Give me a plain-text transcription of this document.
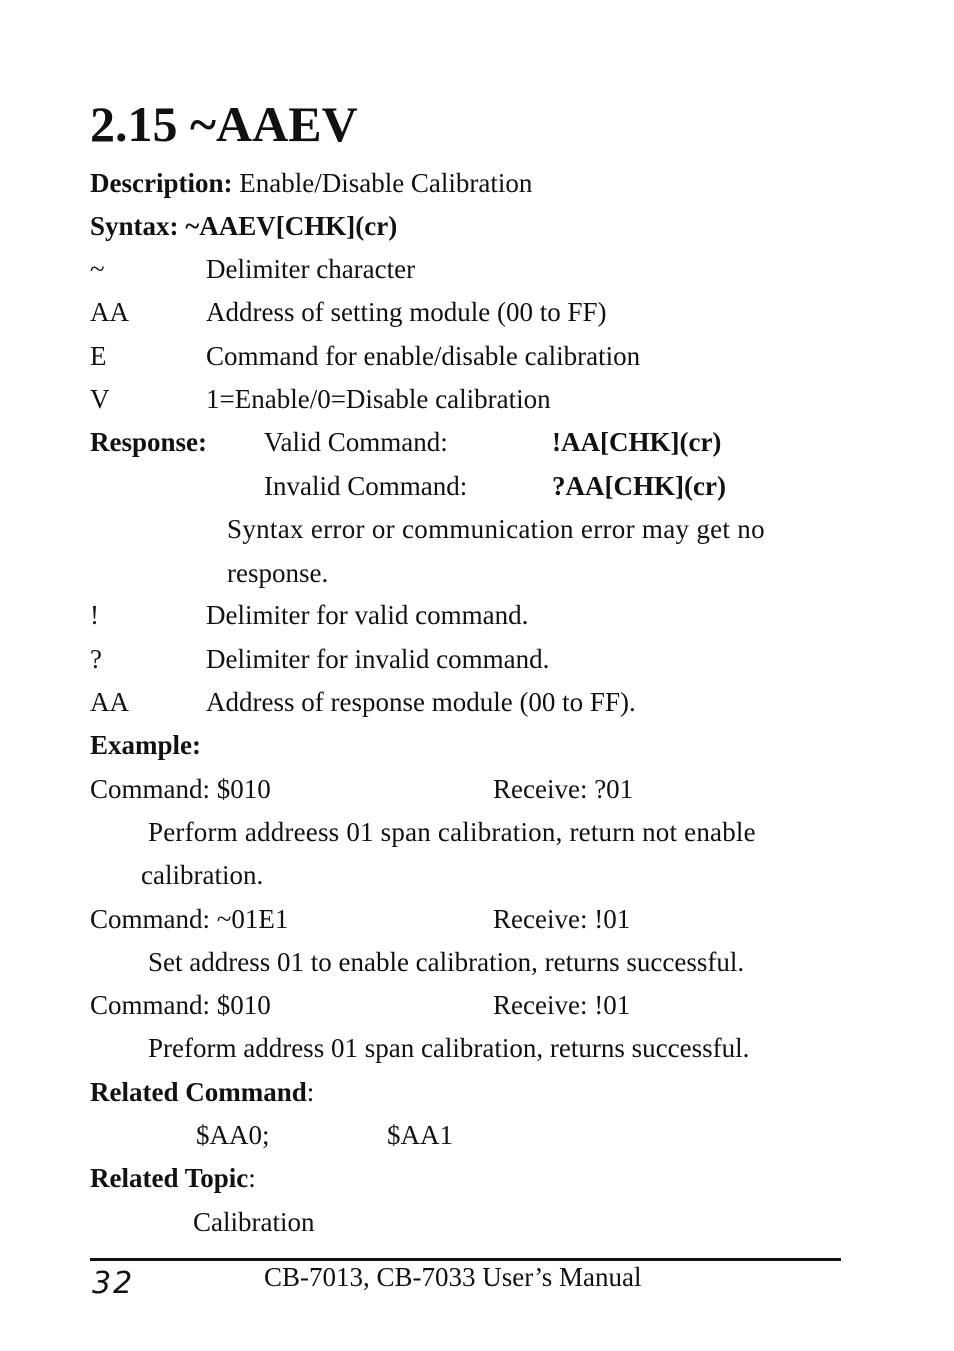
2.15 ~AAEV
Description: Enable/Disable Calibration
Syntax: ~AAEV[CHK](cr)
~	Delimiter character
AA	Address of setting module (00 to FF)
E	Command for enable/disable calibration
V	1=Enable/0=Disable calibration
Response: Valid Command:	!AA[CHK](cr)
Invalid Command:	?AA[CHK](cr)
Syntax error or communication error may get no
response.
!	Delimiter for valid command.
?	Delimiter for invalid command.
AA	Address of response module (00 to FF).
Example:
Command: $010	Receive: ?01
Perform addreess 01 span calibration, return not enable
calibration.
Command: ~01E1	Receive: !01
Set address 01 to enable calibration, returns successful.
Command: $010	Receive: !01
Preform address 01 span calibration, returns successful.
Related Command:
$AA0;	$AA1
Related Topic:
Calibration
32	CB-7013, CB-7033 User’s Manual
